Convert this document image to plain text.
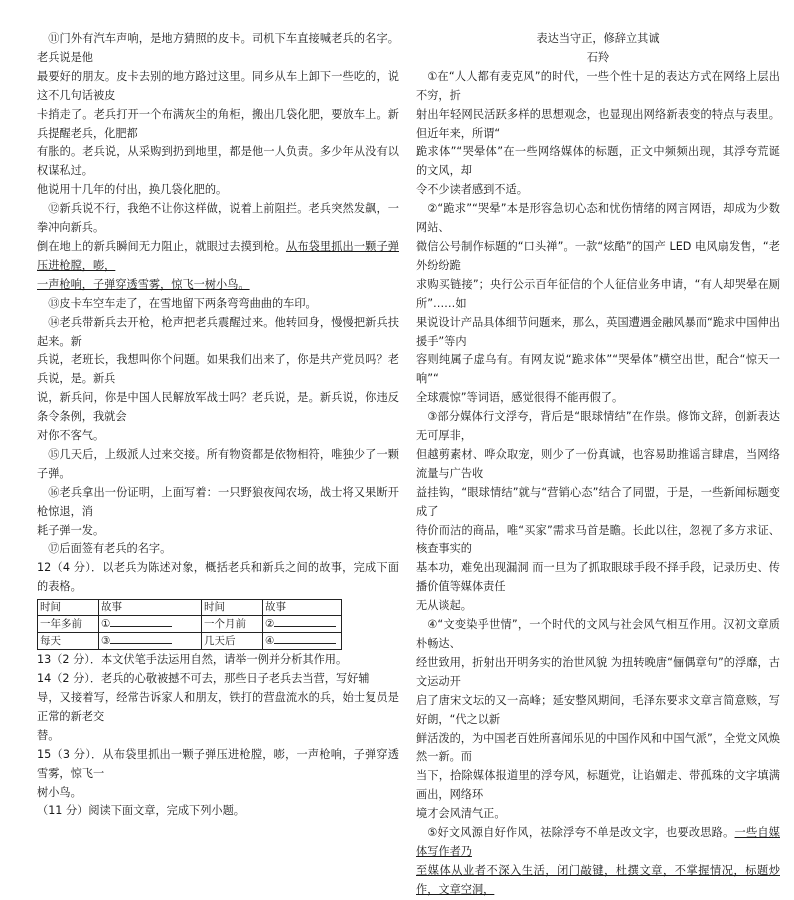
⑪门外有汽车声响，是地方猜照的皮卡。司机下车直接喊老兵的名字。老兵说是他

最要好的朋友。皮卡去别的地方路过这里。同乡从车上卸下一些吃的，说这不几句话被皮

卡捎走了。老兵打开一个布满灰尘的角柜，搬出几袋化肥，要放车上。新兵提醒老兵，化肥都

有胀的。老兵说，从采购到扔到地里，都是他一人负责。多少年从没有以权谋私过。

他说用十几年的付出，换几袋化肥的。

⑫新兵说不行，我绝不让你这样做，说着上前阻拦。老兵突然发飙，一拳冲向新兵。

倒在地上的新兵瞬间无力阻止，就眼过去摸到枪。从布袋里抓出一颗子弹压进枪膛，嘭，

一声枪响，子弹穿透雪雾，惊飞一树小鸟。

⑬皮卡车空车走了，在雪地留下两条弯弯曲曲的车印。

⑭老兵带新兵去开枪，枪声把老兵震醒过来。他转回身，慢慢把新兵扶起来。新

兵说，老班长，我想叫你个问题。如果我们出来了，你是共产党员吗？老兵说，是。新兵

说，新兵问，你是中国人民解放军战士吗？老兵说，是。新兵说，你违反条令条例，我就会

对你不客气。

⑮几天后，上级派人过来交接。所有物资都是依物相符，唯独少了一颗子弹。

⑯老兵拿出一份证明，上面写着：一只野狼夜闯农场，战士将又果断开枪惊退，消

耗子弹一发。

⑰后面签有老兵的名字。

12（4 分）．以老兵为陈述对象，概括老兵和新兵之间的故事，完成下面的表格。

时间	故事	时间	故事
一年多前	①	一个月前	②
每天	③	几天后	④

13（2 分）．本文伏笔手法运用自然，请举一例并分析其作用。

14（2 分）．老兵的心敬被撼不可去，那些日子老兵去当营，写好辅

导，又接着写，经常告诉家人和朋友，铁打的营盘流水的兵，始士复员是正常的新老交

替。

15（3 分）．从布袋里抓出一颗子弹压进枪膛，嘭，一声枪响，子弹穿透雪雾，惊飞一

树小鸟。

（11 分）阅读下面文章，完成下列小题。

表达当守正，修辞立其诚

石羚

①在“人人都有麦克风”的时代，一些个性十足的表达方式在网络上层出不穷，折

射出年轻网民活跃多样的思想观念，也显现出网络新表变的特点与表里。但近年来，所谓“

跪求体”“哭晕体”在一些网络媒体的标题，正文中频频出现，其浮夸荒诞的文风，却

令不少读者感到不适。

②“跪求”“哭晕”本是形容急切心态和忧伤情绪的网言网语，却成为少数网站、

微信公号制作标题的“口头禅”。一款“炫酷”的国产 LED 电风扇发售，“老外纷纷跪

求购买链接”；央行公示百年征信的个人征信业务申请，“有人却哭晕在厕所”……如

果说设计产品具体细节问题来，那么，英国遭遇金融风暴而“跪求中国伸出援手”等内

容则纯属子虚乌有。有网友说“跪求体”“哭晕体”横空出世，配合“惊天一响”“

全球震惊”等词语，感觉很得不能再假了。

③部分媒体行文浮夸，背后是“眼球情结”在作祟。修饰文辞，创新表达无可厚非，

但越剪素材、哗众取宠，则少了一份真诚，也容易助推谣言肆虐，当网络流量与广告收

益挂钩，“眼球情结”就与“营销心态”结合了同盟，于是，一些新闻标题变成了

待价而沽的商品，唯“买家”需求马首是瞻。长此以往，忽视了多方求证、核查事实的

基本功，难免出现漏洞 而一旦为了抓取眼球手段不择手段，记录历史、传播价值等媒体责任

无从谈起。

④“文变染乎世情”，一个时代的文风与社会风气相互作用。汉初文章质朴畅达、

经世致用，折射出开明务实的治世风貌 为扭转晚唐“俪偶章句”的浮靡，古文运动开

启了唐宋文坛的又一高峰；延安整风期间，毛泽东要求文章言简意赅，写好朗，“代之以新

鲜活泼的，为中国老百姓所喜闻乐见的中国作风和中国气派”，全党文风焕然一新。而

当下，拾除媒体报道里的浮夸风，标题党，让谄媚走、带孤珠的文字填满画出，网络环

境才会风清气正。

⑤好文风源自好作风，祛除浮夸不单是改文字，也要改思路。一些自媒体写作者乃

至媒体从业者不深入生活，闭门敲键，杜撰文章，不掌握情况，标题炒作，文章空洞，
